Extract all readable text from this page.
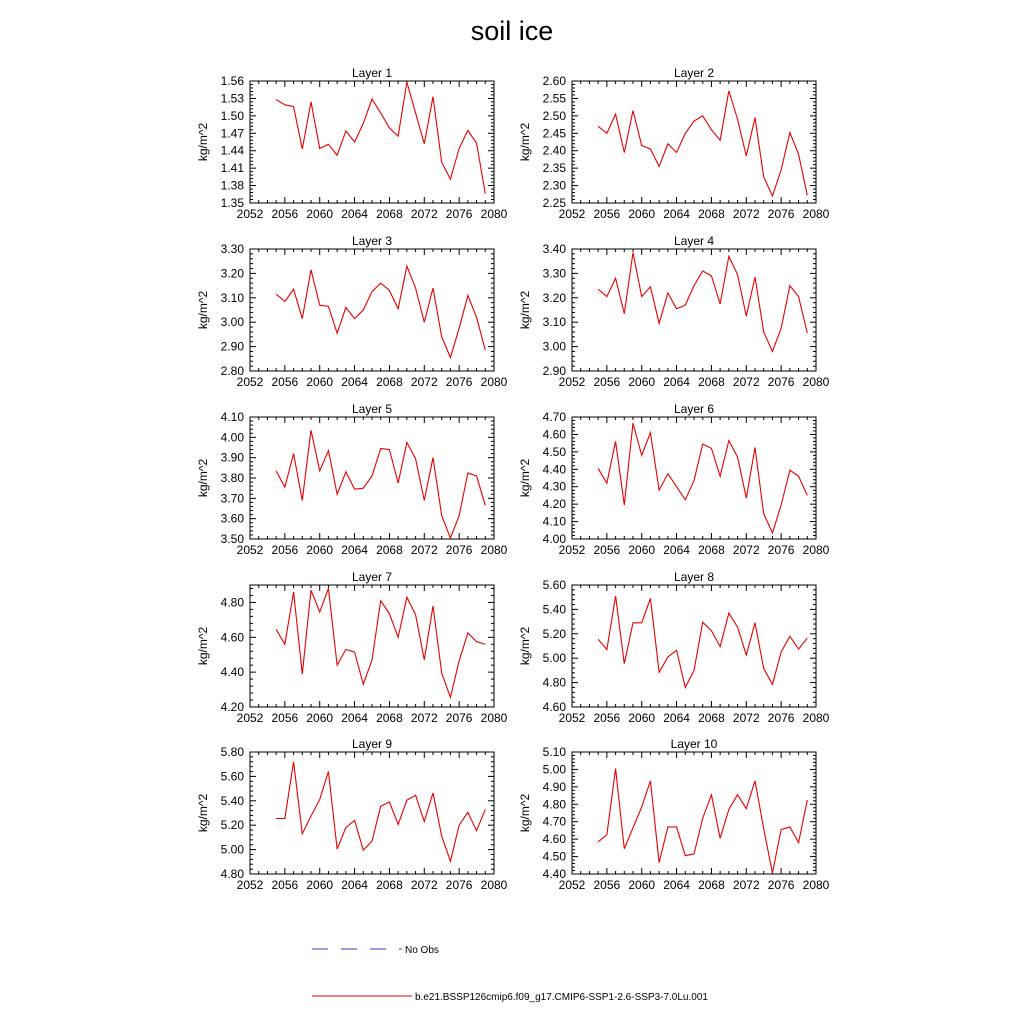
soil ice
Layer 1
kg/m^2
2052 2056 2060 2064 2068 2072 2076 2080
1.35
1.38
1.41
1.44
1.47
1.50
1.53
1.56
Layer 2
kg/m^2
2052 2056 2060 2064 2068 2072 2076 2080
2.25
2.30
2.35
2.40
2.45
2.50
2.55
2.60
Layer 3
kg/m^2
2052 2056 2060 2064 2068 2072 2076 2080
2.80
2.90
3.00
3.10
3.20
3.30
Layer 4
kg/m^2
2052 2056 2060 2064 2068 2072 2076 2080
2.90
3.00
3.10
3.20
3.30
3.40
Layer 5
kg/m^2
2052 2056 2060 2064 2068 2072 2076 2080
3.50
3.60
3.70
3.80
3.90
4.00
4.10
Layer 6
kg/m^2
2052 2056 2060 2064 2068 2072 2076 2080
4.00
4.10
4.20
4.30
4.40
4.50
4.60
4.70
Layer 7
kg/m^2
2052 2056 2060 2064 2068 2072 2076 2080
4.20
4.40
4.60
4.80
Layer 8
kg/m^2
2052 2056 2060 2064 2068 2072 2076 2080
4.60
4.80
5.00
5.20
5.40
5.60
Layer 9
kg/m^2
2052 2056 2060 2064 2068 2072 2076 2080
4.80
5.00
5.20
5.40
5.60
5.80
Layer 10
kg/m^2
2052 2056 2060 2064 2068 2072 2076 2080
4.40
4.50
4.60
4.70
4.80
4.90
5.00
5.10
No Obs
b.e21.BSSP126cmip6.f09_g17.CMIP6-SSP1-2.6-SSP3-7.0Lu.001
